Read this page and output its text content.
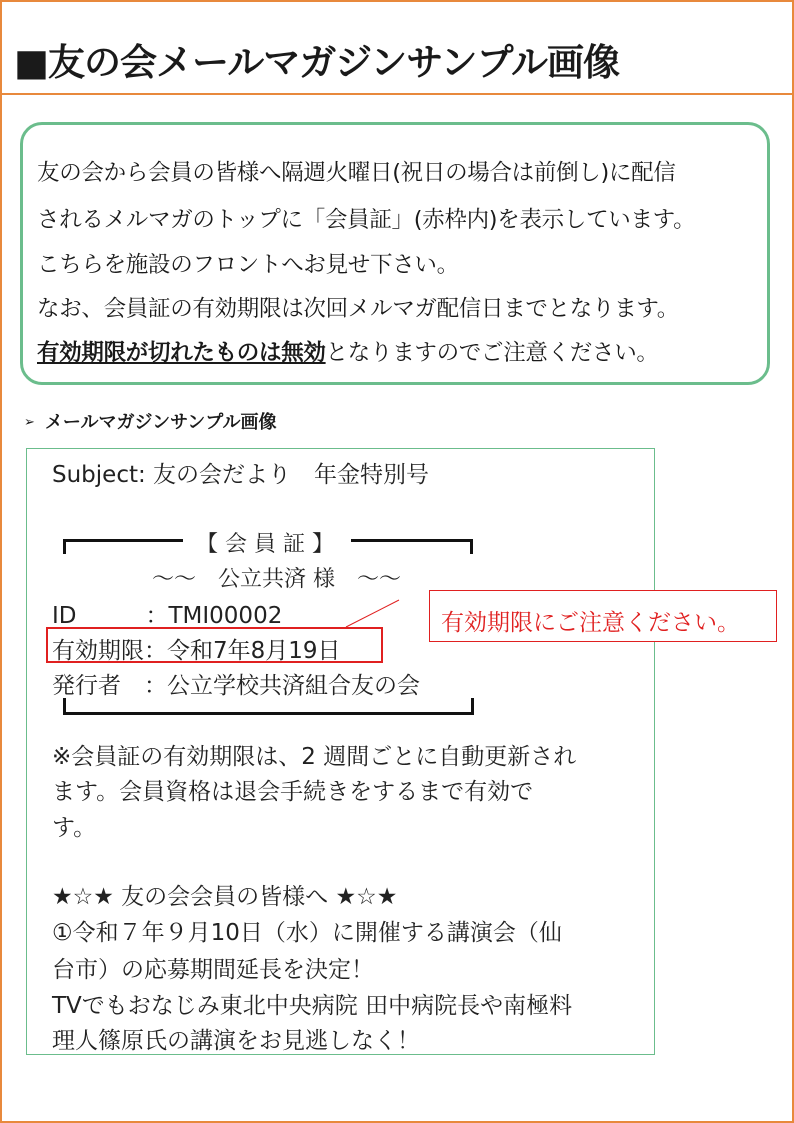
■友の会メールマガジンサンプル画像
友の会から会員の皆様へ隔週火曜日(祝日の場合は前倒し)に配信
されるメルマガのトップに「会員証」(赤枠内)を表示しています。
こちらを施設のフロントへお見せ下さい。
なお、会員証の有効期限は次回メルマガ配信日までとなります。
有効期限が切れたものは無効となりますのでご注意ください。
➢ メールマガジンサンプル画像
Subject: 友の会だより　年金特別号
【 会 員 証 】
〜〜　公立共済 様　〜〜
ID　　　：TMI00002
有効期限：令和7年8月19日
発行者　：公立学校共済組合友の会
有効期限にご注意ください。
※会員証の有効期限は、2 週間ごとに自動更新され
ます。会員資格は退会手続きをするまで有効で
す。
★☆★ 友の会会員の皆様へ ★☆★
①令和７年９月10日（水）に開催する講演会（仙
台市）の応募期間延長を決定！
TVでもおなじみ東北中央病院 田中病院長や南極料
理人篠原氏の講演をお見逃しなく！
